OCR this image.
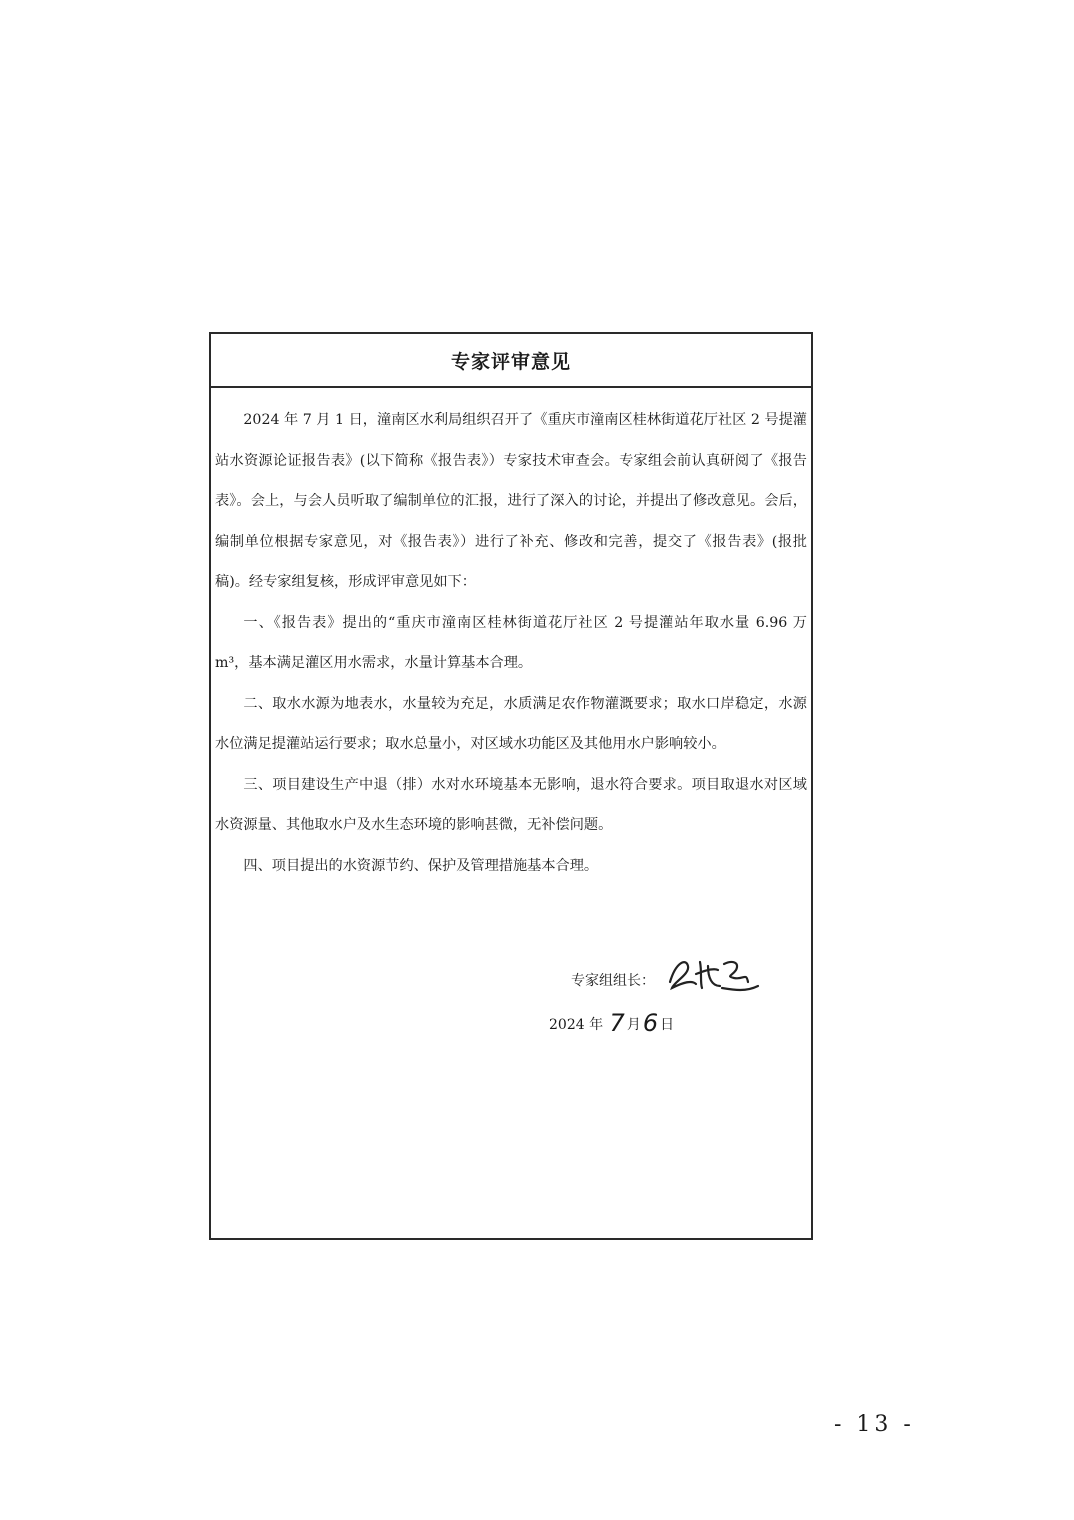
专家评审意见

2024 年 7 月 1 日，潼南区水利局组织召开了《重庆市潼南区桂林街道花厅社区 2 号提灌站水资源论证报告表》(以下简称《报告表》）专家技术审查会。专家组会前认真研阅了《报告表》。会上，与会人员听取了编制单位的汇报，进行了深入的讨论，并提出了修改意见。会后，编制单位根据专家意见，对《报告表》）进行了补充、修改和完善，提交了《报告表》(报批稿)。经专家组复核，形成评审意见如下：

一、《报告表》提出的“重庆市潼南区桂林街道花厅社区 2 号提灌站年取水量 6.96 万 m³，基本满足灌区用水需求，水量计算基本合理。

二、取水水源为地表水，水量较为充足，水质满足农作物灌溉要求；取水口岸稳定，水源水位满足提灌站运行要求；取水总量小，对区域水功能区及其他用水户影响较小。

三、项目建设生产中退（排）水对水环境基本无影响，退水符合要求。项目取退水对区域水资源量、其他取水户及水生态环境的影响甚微，无补偿问题。

四、项目提出的水资源节约、保护及管理措施基本合理。

专家组组长：
2024 年 7 月6 日
- 13 -
